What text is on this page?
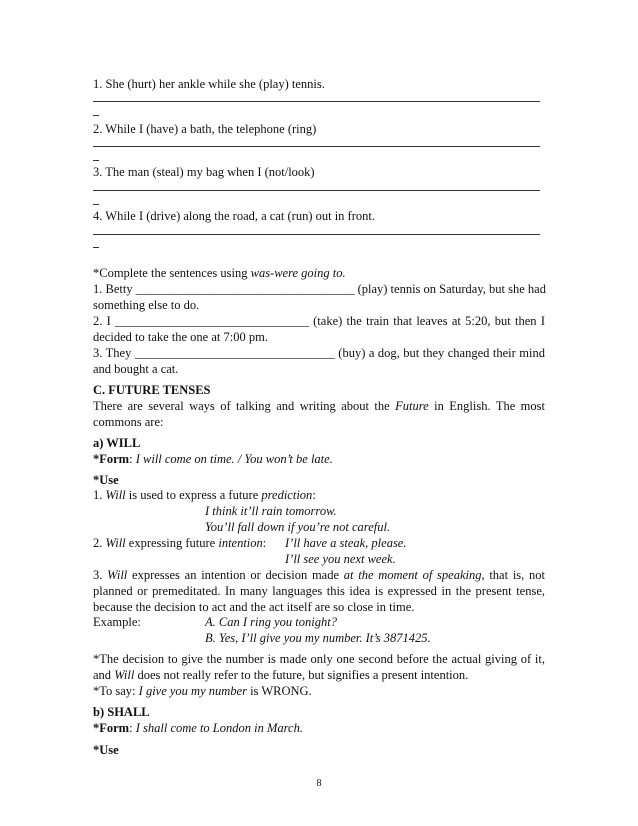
1. She (hurt) her ankle while she (play) tennis.
2. While I (have) a bath, the telephone (ring)
3. The man (steal) my bag when I (not/look)
4. While I (drive) along the road, a cat (run) out in front.
*Complete the sentences using was-were going to.
1. Betty ___________________________________ (play) tennis on Saturday, but she had
something else to do.
2. I _______________________________ (take) the train that leaves at 5:20, but then I
decided to take the one at 7:00 pm.
3. They ________________________________ (buy) a dog, but they changed their mind
and bought a cat.
C. FUTURE TENSES
There are several ways of talking and writing about the Future in English. The most
commons are:
a) WILL
*Form: I will come on time. / You won’t be late.
*Use
1. Will is used to express a future prediction:
I think it’ll rain tomorrow.
You’ll fall down if you’re not careful.
2. Will expressing future intention: I’ll have a steak, please.
I’ll see you next week.
3. Will expresses an intention or decision made at the moment of speaking, that is, not
planned or premeditated. In many languages this idea is expressed in the present tense,
because the decision to act and the act itself are so close in time.
Example:	A. Can I ring you tonight?
B. Yes, I’ll give you my number. It’s 3871425.
*The decision to give the number is made only one second before the actual giving of it,
and Will does not really refer to the future, but signifies a present intention.
*To say: I give you my number is WRONG.
b) SHALL
*Form: I shall come to London in March.
*Use
8
